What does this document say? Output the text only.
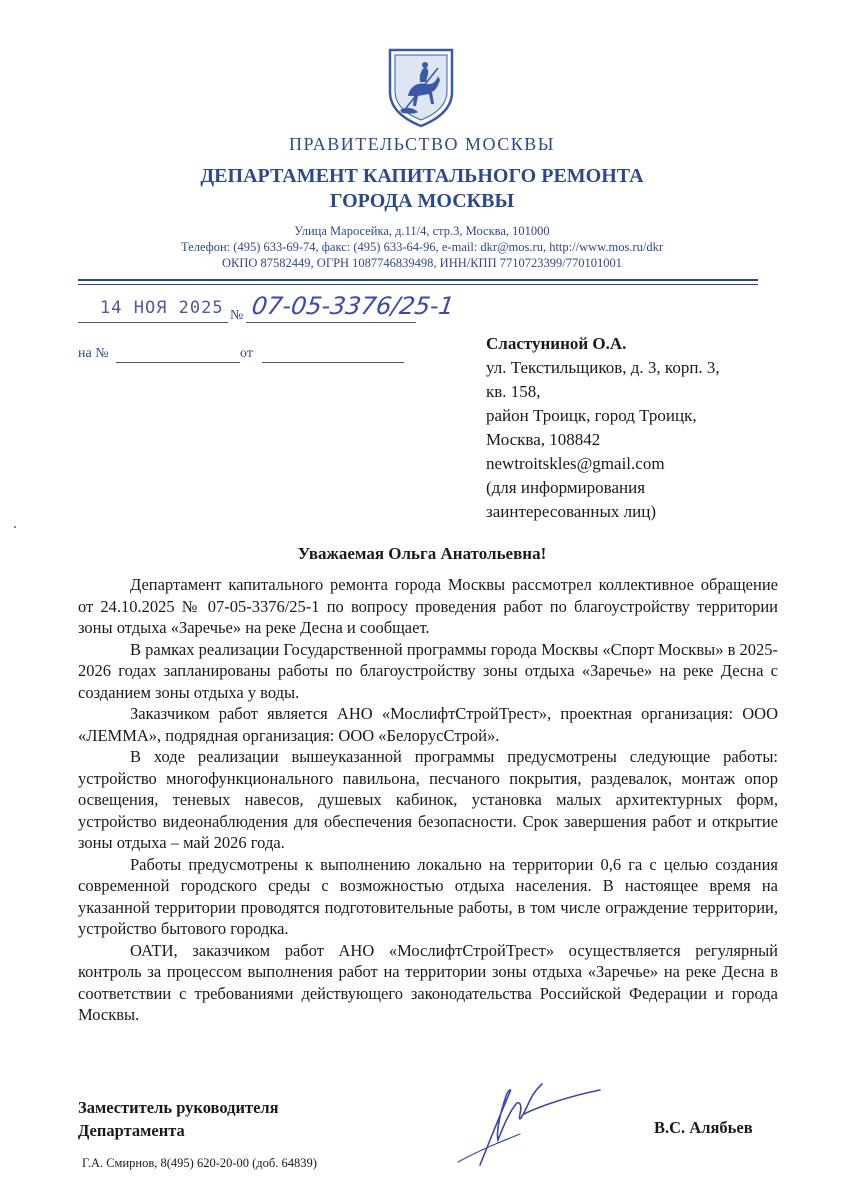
ПРАВИТЕЛЬСТВО МОСКВЫ
ДЕПАРТАМЕНТ КАПИТАЛЬНОГО РЕМОНТА
ГОРОДА МОСКВЫ
Улица Маросейка, д.11/4, стр.3, Москва, 101000
Телефон: (495) 633-69-74, факс: (495) 633-64-96, e-mail: dkr@mos.ru, http://www.mos.ru/dkr
ОКПО 87582449, ОГРН 1087746839498, ИНН/КПП 7710723399/770101001
14 НОЯ 2025 № 07-05-3376/25-1
на №	от
Сластуниной О.А.
ул. Текстильщиков, д. 3, корп. 3,
кв. 158,
район Троицк, город Троицк,
Москва, 108842
newtroitskles@gmail.com
(для информирования
заинтересованных лиц)
Уважаемая Ольга Анатольевна!

Департамент капитального ремонта города Москвы рассмотрел коллективное обращение от 24.10.2025 № 07-05-3376/25-1 по вопросу проведения работ по благоустройству территории зоны отдыха «Заречье» на реке Десна и сообщает.

В рамках реализации Государственной программы города Москвы «Спорт Москвы» в 2025-2026 годах запланированы работы по благоустройству зоны отдыха «Заречье» на реке Десна с созданием зоны отдыха у воды.

Заказчиком работ является АНО «МослифтСтройТрест», проектная организация: ООО «ЛЕММА», подрядная организация: ООО «БелорусСтрой».

В ходе реализации вышеуказанной программы предусмотрены следующие работы: устройство многофункционального павильона, песчаного покрытия, раздевалок, монтаж опор освещения, теневых навесов, душевых кабинок, установка малых архитектурных форм, устройство видеонаблюдения для обеспечения безопасности. Срок завершения работ и открытие зоны отдыха – май 2026 года.

Работы предусмотрены к выполнению локально на территории 0,6 га с целью создания современной городского среды с возможностью отдыха населения. В настоящее время на указанной территории проводятся подготовительные работы, в том числе ограждение территории, устройство бытового городка.

ОАТИ, заказчиком работ АНО «МослифтСтройТрест» осуществляется регулярный контроль за процессом выполнения работ на территории зоны отдыха «Заречье» на реке Десна в соответствии с требованиями действующего законодательства Российской Федерации и города Москвы.

Заместитель руководителя
Департамента	В.С. Алябьев
Г.А. Смирнов, 8(495) 620-20-00 (доб. 64839)
